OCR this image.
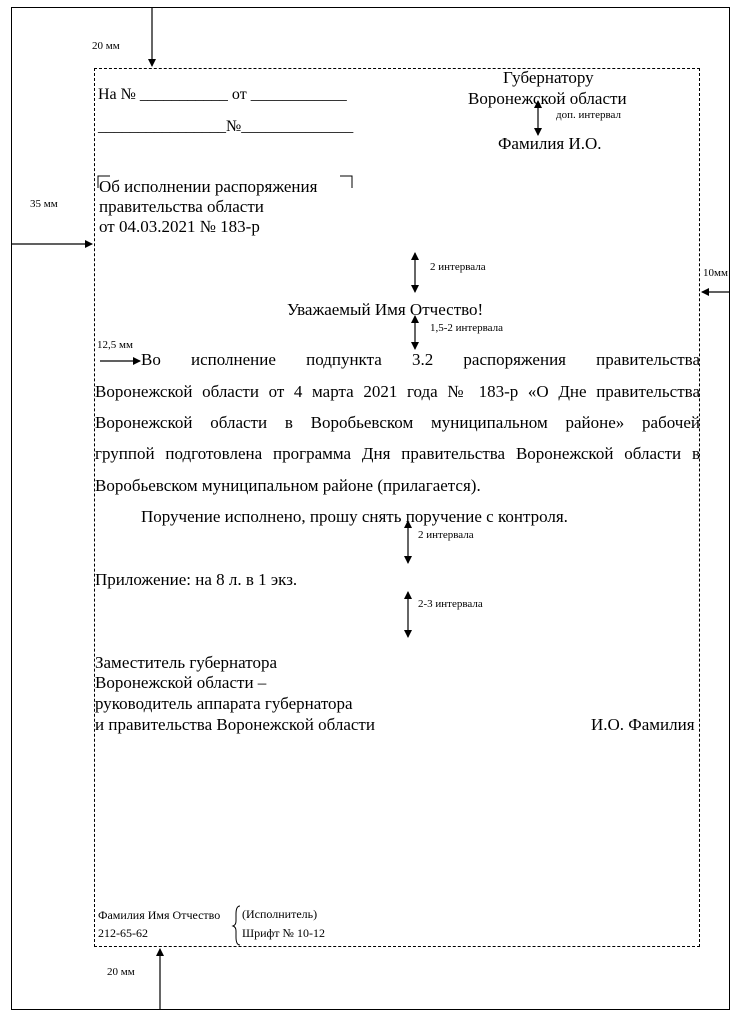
20 мм
35 мм
10мм
20 мм
12,5 мм
На № ___________ от ____________
________________№______________
Губернатору
Воронежской области
доп. интервал
Фамилия И.О.
Об исполнении распоряжения
правительства области
от 04.03.2021 № 183-р
2 интервала
Уважаемый Имя Отчество!
1,5-2 интервала
Во исполнение подпункта 3.2 распоряжения правительства
Воронежской области от 4 марта 2021 года № 183-р «О Дне правительства
Воронежской области в Воробьевском муниципальном районе» рабочей
группой подготовлена программа Дня правительства Воронежской области в
Воробьевском муниципальном районе (прилагается).
Поручение исполнено, прошу снять поручение с контроля.
2 интервала
Приложение: на 8 л. в 1 экз.
2-3 интервала
Заместитель губернатора
Воронежской области –
руководитель аппарата губернатора
и правительства Воронежской области	И.О. Фамилия
Фамилия Имя Отчество
212-65-62
(Исполнитель)
Шрифт № 10-12
